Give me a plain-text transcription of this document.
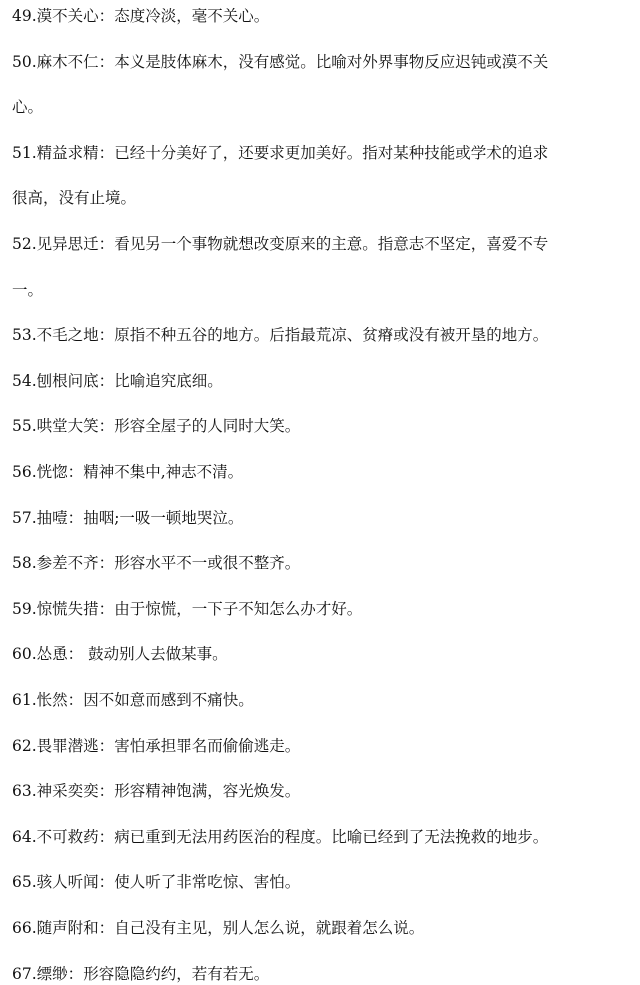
49.漠不关心：态度冷淡，毫不关心。
50.麻木不仁：本义是肢体麻木，没有感觉。比喻对外界事物反应迟钝或漠不关
心。
51.精益求精：已经十分美好了，还要求更加美好。指对某种技能或学术的追求
很高，没有止境。
52.见异思迁：看见另一个事物就想改变原来的主意。指意志不坚定，喜爱不专
一。
53.不毛之地：原指不种五谷的地方。后指最荒凉、贫瘠或没有被开垦的地方。
54.刨根问底：比喻追究底细。
55.哄堂大笑：形容全屋子的人同时大笑。
56.恍惚：精神不集中,神志不清。
57.抽噎：抽咽;一吸一顿地哭泣。
58.参差不齐：形容水平不一或很不整齐。
59.惊慌失措：由于惊慌，一下子不知怎么办才好。
60.怂恿： 鼓动别人去做某事。
61.怅然：因不如意而感到不痛快。
62.畏罪潜逃：害怕承担罪名而偷偷逃走。
63.神采奕奕：形容精神饱满，容光焕发。
64.不可救药：病已重到无法用药医治的程度。比喻已经到了无法挽救的地步。
65.骇人听闻：使人听了非常吃惊、害怕。
66.随声附和：自己没有主见，别人怎么说，就跟着怎么说。
67.缥缈：形容隐隐约约，若有若无。
